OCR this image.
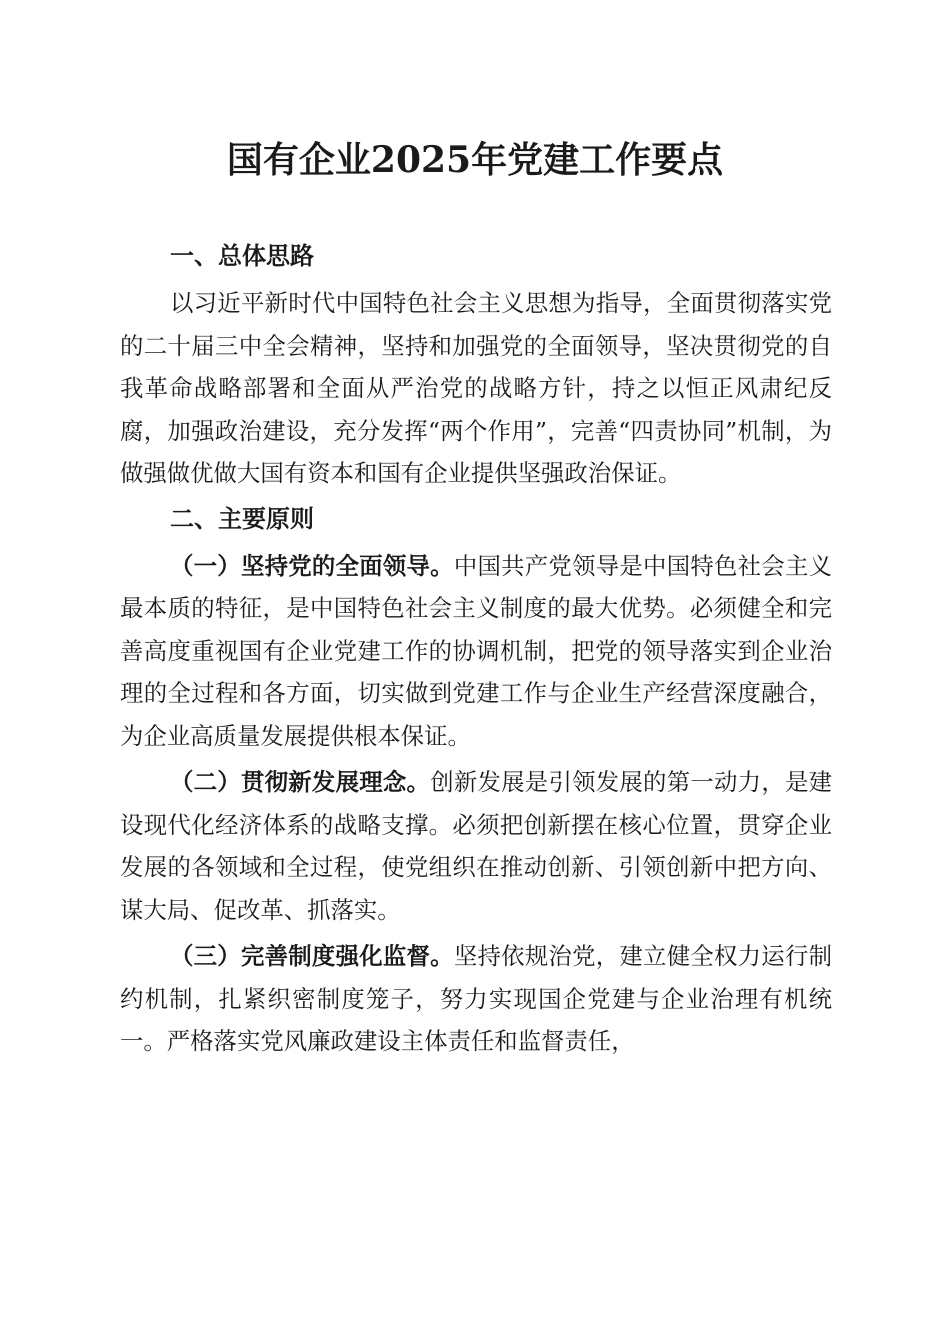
国有企业2025年党建工作要点
一、总体思路

以习近平新时代中国特色社会主义思想为指导，全面贯彻落实党的二十届三中全会精神，坚持和加强党的全面领导，坚决贯彻党的自我革命战略部署和全面从严治党的战略方针，持之以恒正风肃纪反腐，加强政治建设，充分发挥“两个作用”，完善“四责协同”机制，为做强做优做大国有资本和国有企业提供坚强政治保证。

二、主要原则

（一）坚持党的全面领导。中国共产党领导是中国特色社会主义最本质的特征，是中国特色社会主义制度的最大优势。必须健全和完善高度重视国有企业党建工作的协调机制，把党的领导落实到企业治理的全过程和各方面，切实做到党建工作与企业生产经营深度融合，为企业高质量发展提供根本保证。

（二）贯彻新发展理念。创新发展是引领发展的第一动力，是建设现代化经济体系的战略支撑。必须把创新摆在核心位置，贯穿企业发展的各领域和全过程，使党组织在推动创新、引领创新中把方向、谋大局、促改革、抓落实。

（三）完善制度强化监督。坚持依规治党，建立健全权力运行制约机制，扎紧织密制度笼子，努力实现国企党建与企业治理有机统一。严格落实党风廉政建设主体责任和监督责任，
